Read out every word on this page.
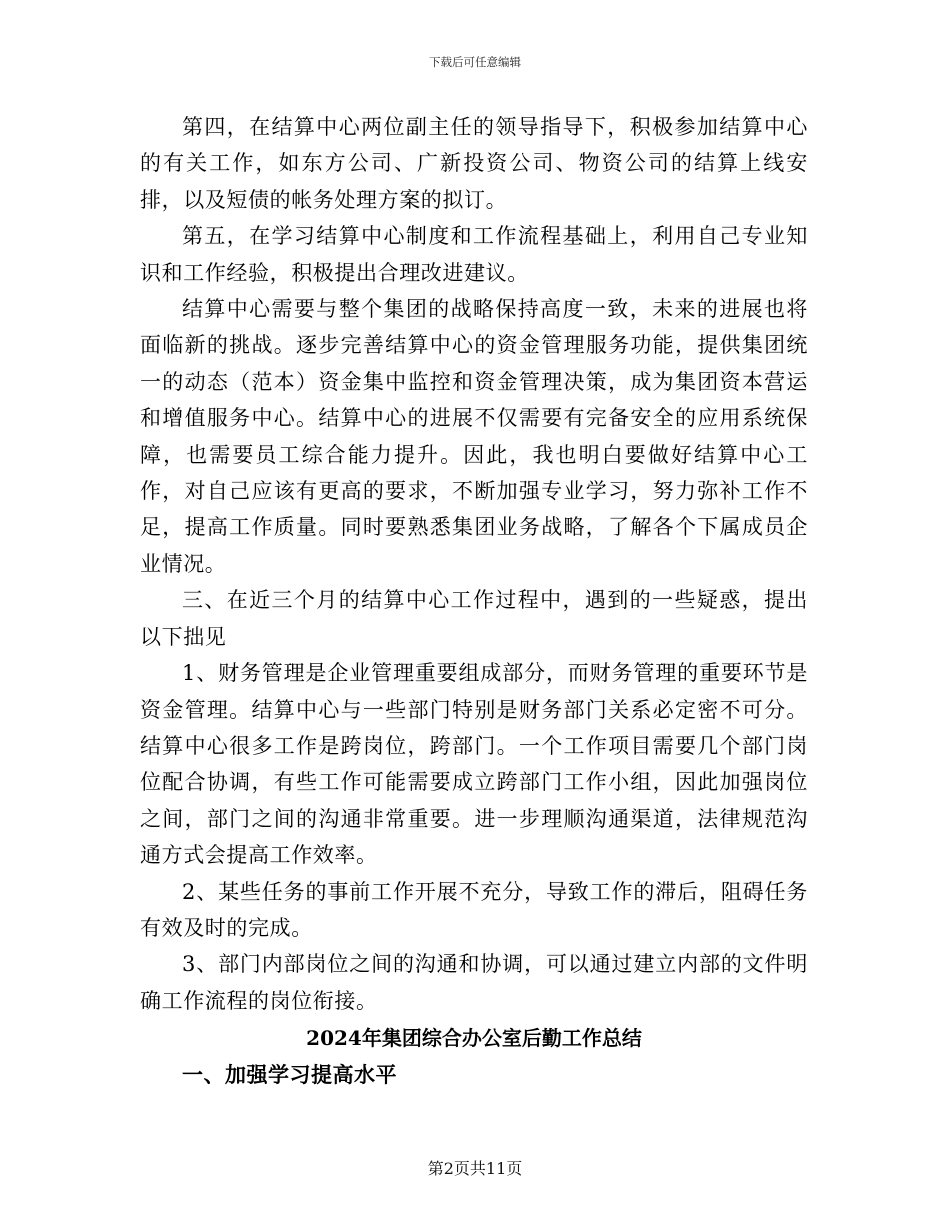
下载后可任意编辑

第四，在结算中心两位副主任的领导指导下，积极参加结算中心的有关工作，如东方公司、广新投资公司、物资公司的结算上线安排，以及短债的帐务处理方案的拟订。

第五，在学习结算中心制度和工作流程基础上，利用自己专业知识和工作经验，积极提出合理改进建议。

结算中心需要与整个集团的战略保持高度一致，未来的进展也将面临新的挑战。逐步完善结算中心的资金管理服务功能，提供集团统一的动态（范本）资金集中监控和资金管理决策，成为集团资本营运和增值服务中心。结算中心的进展不仅需要有完备安全的应用系统保障，也需要员工综合能力提升。因此，我也明白要做好结算中心工作，对自己应该有更高的要求，不断加强专业学习，努力弥补工作不足，提高工作质量。同时要熟悉集团业务战略，了解各个下属成员企业情况。

三、在近三个月的结算中心工作过程中，遇到的一些疑惑，提出以下拙见

1、财务管理是企业管理重要组成部分，而财务管理的重要环节是资金管理。结算中心与一些部门特别是财务部门关系必定密不可分。结算中心很多工作是跨岗位，跨部门。一个工作项目需要几个部门岗位配合协调，有些工作可能需要成立跨部门工作小组，因此加强岗位之间，部门之间的沟通非常重要。进一步理顺沟通渠道，法律规范沟通方式会提高工作效率。

2、某些任务的事前工作开展不充分，导致工作的滞后，阻碍任务有效及时的完成。

3、部门内部岗位之间的沟通和协调，可以通过建立内部的文件明确工作流程的岗位衔接。

2024年集团综合办公室后勤工作总结

一、加强学习提高水平

第2页共11页
